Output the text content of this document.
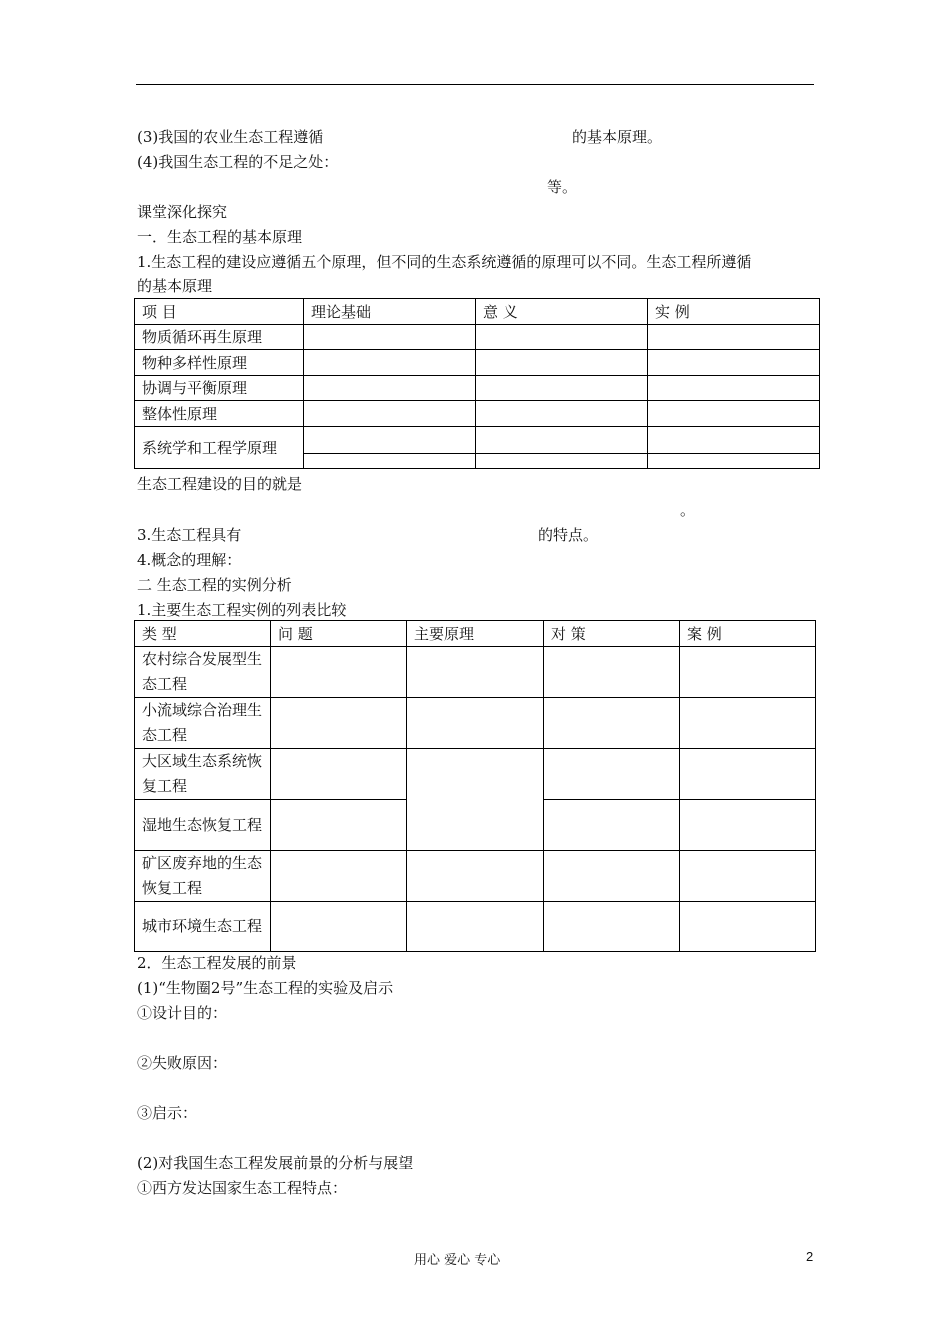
(3)我国的农业生态工程遵循	的基本原理。
(4)我国生态工程的不足之处：
等。
课堂深化探究
一．生态工程的基本原理
1.生态工程的建设应遵循五个原理，但不同的生态系统遵循的原理可以不同。生态工程所遵循
的基本原理
项 目	理论基础	意 义	实 例
物质循环再生原理			
物种多样性原理			
协调与平衡原理			
整体性原理			
系统学和工程学原理	

生态工程建设的目的就是
。
3.生态工程具有	的特点。
4.概念的理解：
二 生态工程的实例分析
1.主要生态工程实例的列表比较
类 型	问 题	主要原理	对 策	案 例
农村综合发展型生态工程				
小流域综合治理生态工程				
大区域生态系统恢复工程				
湿地生态恢复工程				
矿区废弃地的生态恢复工程				
城市环境生态工程				
2．生态工程发展的前景
(1)“生物圈2号”生态工程的实验及启示
①设计目的：
②失败原因：
③启示：
(2)对我国生态工程发展前景的分析与展望
①西方发达国家生态工程特点：
用心 爱心 专心	2
